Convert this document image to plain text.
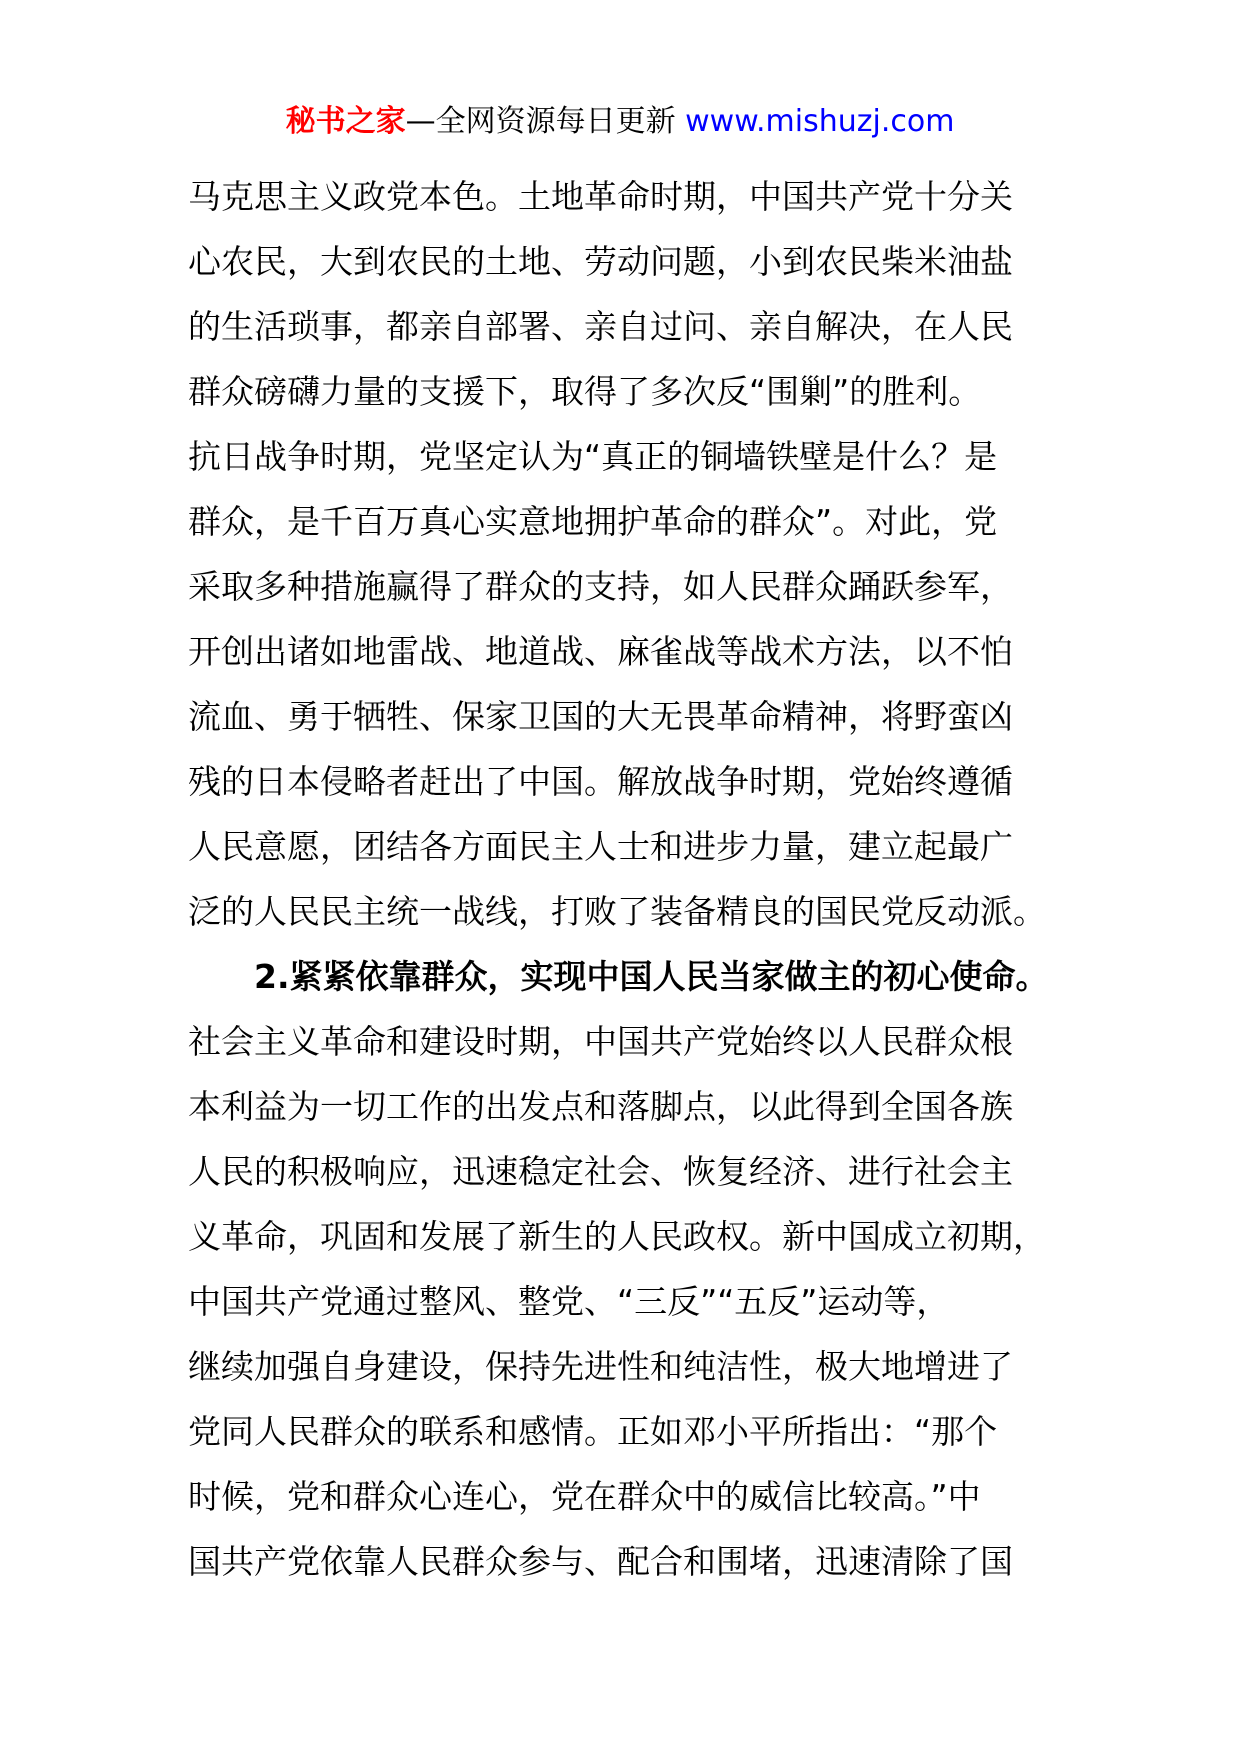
秘书之家—全网资源每日更新 www.mishuzj.com
马克思主义政党本色。土地革命时期，中国共产党十分关
心农民，大到农民的土地、劳动问题，小到农民柴米油盐
的生活琐事，都亲自部署、亲自过问、亲自解决，在人民
群众磅礴力量的支援下，取得了多次反“围剿”的胜利。
抗日战争时期，党坚定认为“真正的铜墙铁壁是什么？是
群众，是千百万真心实意地拥护革命的群众”。对此，党
采取多种措施赢得了群众的支持，如人民群众踊跃参军，
开创出诸如地雷战、地道战、麻雀战等战术方法，以不怕
流血、勇于牺牲、保家卫国的大无畏革命精神，将野蛮凶
残的日本侵略者赶出了中国。解放战争时期，党始终遵循
人民意愿，团结各方面民主人士和进步力量，建立起最广
泛的人民民主统一战线，打败了装备精良的国民党反动派。
2.紧紧依靠群众，实现中国人民当家做主的初心使命。
社会主义革命和建设时期，中国共产党始终以人民群众根
本利益为一切工作的出发点和落脚点，以此得到全国各族
人民的积极响应，迅速稳定社会、恢复经济、进行社会主
义革命，巩固和发展了新生的人民政权。新中国成立初期，
中国共产党通过整风、整党、“三反”“五反”运动等，
继续加强自身建设，保持先进性和纯洁性，极大地增进了
党同人民群众的联系和感情。正如邓小平所指出：“那个
时候，党和群众心连心，党在群众中的威信比较高。”中
国共产党依靠人民群众参与、配合和围堵，迅速清除了国
